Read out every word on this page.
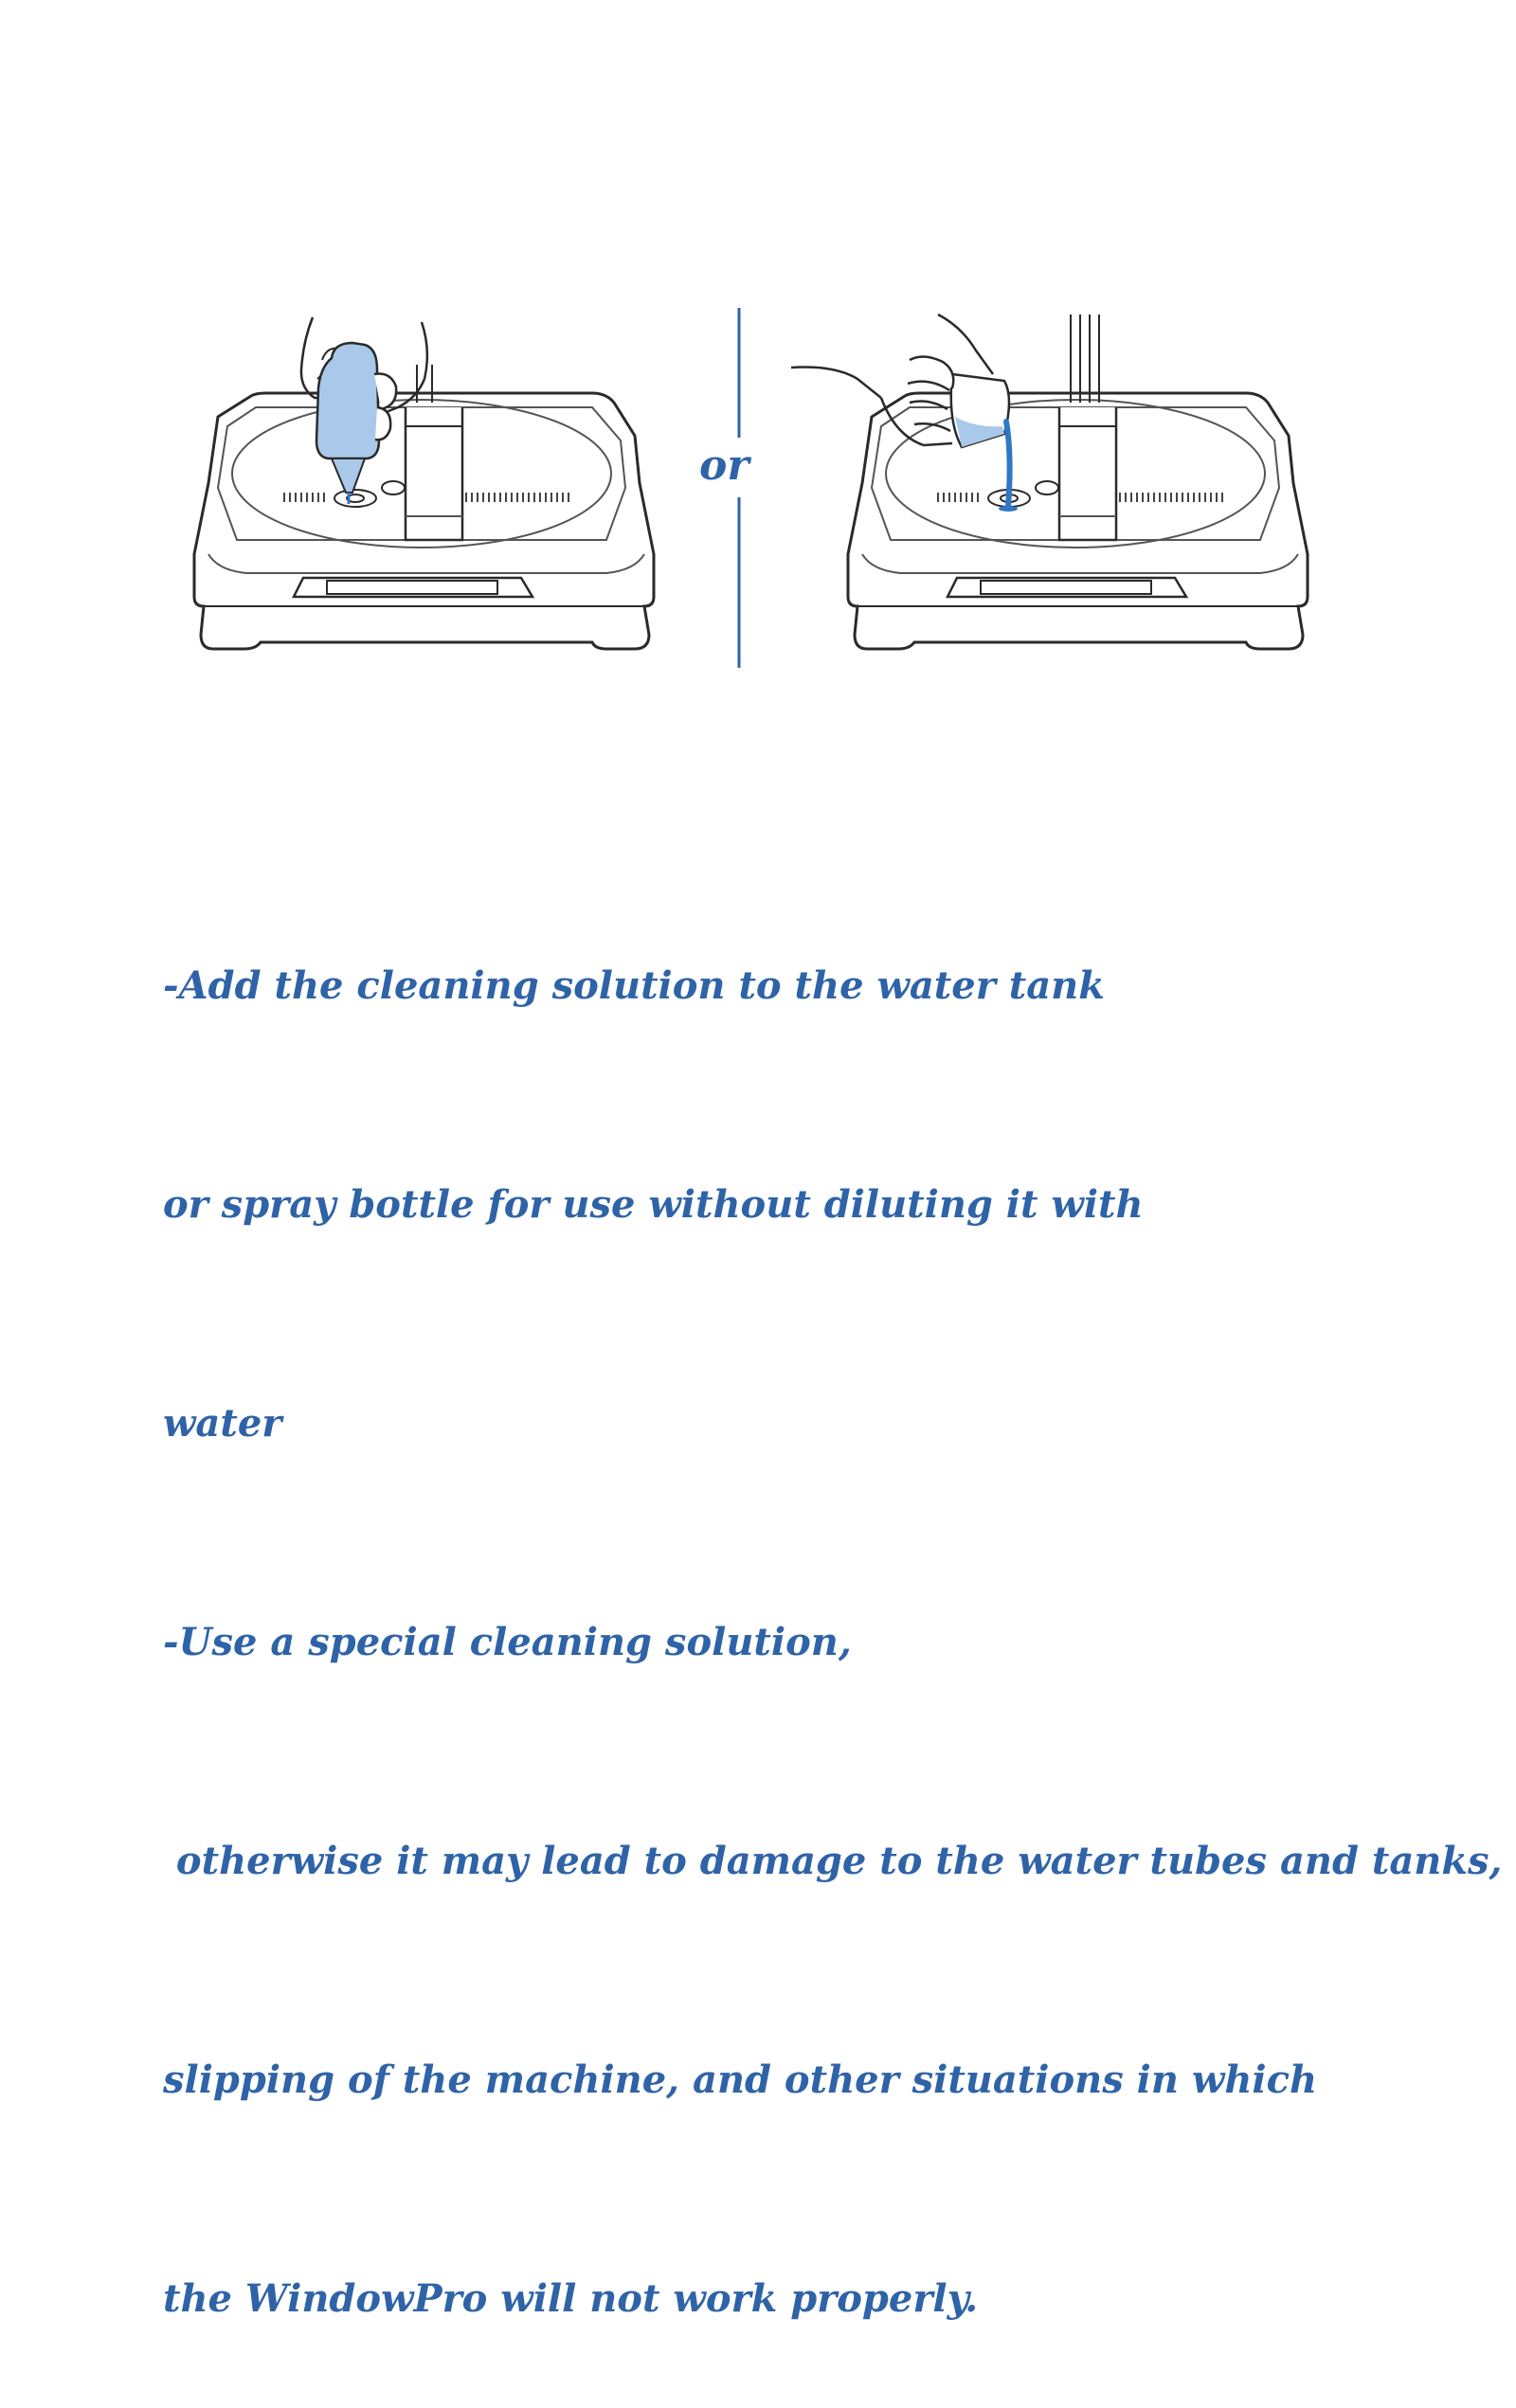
or

-Add the cleaning solution to the water tank

or spray bottle for use without diluting it with

water

-Use a special cleaning solution,

otherwise it may lead to damage to the water tubes and tanks,

slipping of the machine, and other situations in which

the WindowPro will not work properly.
